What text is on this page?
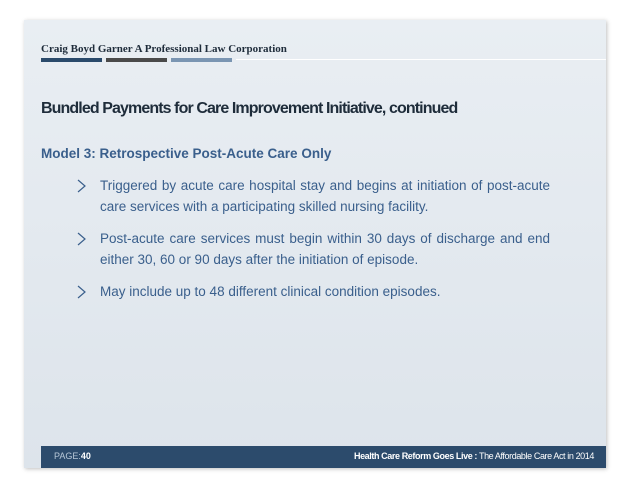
Craig Boyd Garner A Professional Law Corporation
Bundled Payments for Care Improvement Initiative, continued
Model 3: Retrospective Post-Acute Care Only
Triggered by acute care hospital stay and begins at initiation of post-acute care services with a participating skilled nursing facility.
Post-acute care services must begin within 30 days of discharge and end either 30, 60 or 90 days after the initiation of episode.
May include up to 48 different clinical condition episodes.
PAGE:40	Health Care Reform Goes Live : The Affordable Care Act in 2014
